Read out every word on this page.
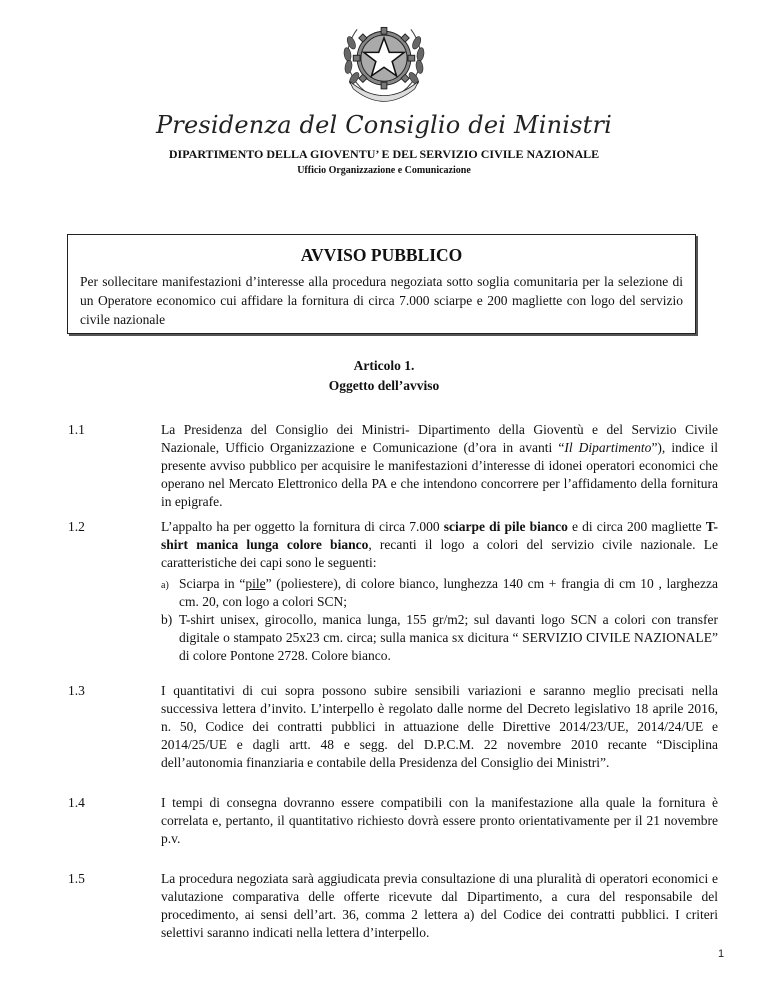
Presidenza del Consiglio dei Ministri
DIPARTIMENTO DELLA GIOVENTU’ E DEL SERVIZIO CIVILE NAZIONALE
Ufficio Organizzazione e Comunicazione
AVVISO PUBBLICO
Per sollecitare manifestazioni d’interesse alla procedura negoziata sotto soglia comunitaria per la selezione di un Operatore economico cui affidare la fornitura di circa 7.000 sciarpe e 200 magliette con logo del servizio civile nazionale
Articolo 1.
Oggetto dell’avviso
1.1	La Presidenza del Consiglio dei Ministri- Dipartimento della Gioventù e del Servizio Civile Nazionale, Ufficio Organizzazione e Comunicazione (d’ora in avanti “Il Dipartimento”), indice il presente avviso pubblico per acquisire le manifestazioni d’interesse di idonei operatori economici che operano nel Mercato Elettronico della PA e che intendono concorrere per l’affidamento della fornitura in epigrafe.
1.2	L’appalto ha per oggetto la fornitura di circa 7.000 sciarpe di pile bianco e di circa 200 magliette T-shirt manica lunga colore bianco, recanti il logo a colori del servizio civile nazionale. Le caratteristiche dei capi sono le seguenti:
a) Sciarpa in “pile” (poliestere), di colore bianco, lunghezza 140 cm + frangia di cm 10 , larghezza cm. 20, con logo a colori SCN;
b) T-shirt unisex, girocollo, manica lunga, 155 gr/m2; sul davanti logo SCN a colori con transfer digitale o stampato 25x23 cm. circa; sulla manica sx dicitura “ SERVIZIO CIVILE NAZIONALE” di colore Pontone 2728. Colore bianco.
1.3	I quantitativi di cui sopra possono subire sensibili variazioni e saranno meglio precisati nella successiva lettera d’invito. L’interpello è regolato dalle norme del Decreto legislativo 18 aprile 2016, n. 50, Codice dei contratti pubblici in attuazione delle Direttive 2014/23/UE, 2014/24/UE e 2014/25/UE e dagli artt. 48 e segg. del D.P.C.M. 22 novembre 2010 recante “Disciplina dell’autonomia finanziaria e contabile della Presidenza del Consiglio dei Ministri”.
1.4	I tempi di consegna dovranno essere compatibili con la manifestazione alla quale la fornitura è correlata e, pertanto, il quantitativo richiesto dovrà essere pronto orientativamente per il 21 novembre p.v.
1.5	La procedura negoziata sarà aggiudicata previa consultazione di una pluralità di operatori economici e valutazione comparativa delle offerte ricevute dal Dipartimento, a cura del responsabile del procedimento, ai sensi dell’art. 36, comma 2 lettera a) del Codice dei contratti pubblici. I criteri selettivi saranno indicati nella lettera d’interpello.
1
